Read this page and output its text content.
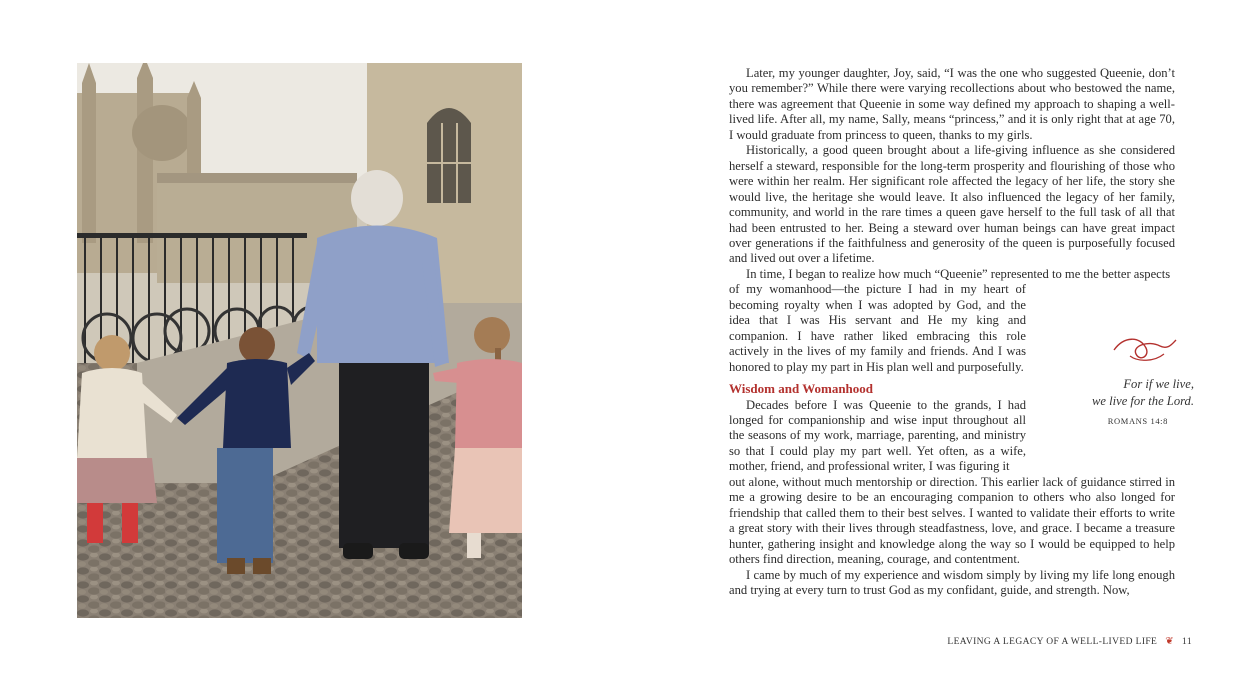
Later, my younger daughter, Joy, said, “I was the one who suggested Queenie, don’t you remember?” While there were varying recollections about who bestowed the name, there was agreement that Queenie in some way defined my approach to shaping a well-lived life. After all, my name, Sally, means “princess,” and it is only right that at age 70, I would graduate from princess to queen, thanks to my girls.

Historically, a good queen brought about a life-giving influence as she considered herself a steward, responsible for the long-term prosperity and flourishing of those who were within her realm. Her significant role affected the legacy of her life, the story she would live, the heritage she would leave. It also influenced the legacy of her family, community, and world in the rare times a queen gave herself to the full task of all that had been entrusted to her. Being a steward over human beings can have great impact over generations if the faithfulness and generosity of the queen is purposefully focused and lived out over a lifetime.

In time, I began to realize how much “Queenie” represented to me the better aspects

of my womanhood—the picture I had in my heart of becoming royalty when I was adopted by God, and the idea that I was His servant and He my king and companion. I have rather liked embracing this role actively in the lives of my family and friends. And I was honored to play my part in His plan well and purposefully.

Wisdom and Womanhood

Decades before I was Queenie to the grands, I had longed for companionship and wise input throughout all the seasons of my work, marriage, parenting, and ministry so that I could play my part well. Yet often, as a wife, mother, friend, and professional writer, I was figuring it

out alone, without much mentorship or direction. This earlier lack of guidance stirred in me a growing desire to be an encouraging companion to others who also longed for friendship that called them to their best selves. I wanted to validate their efforts to write a great story with their lives through steadfastness, love, and grace. I became a treasure hunter, gathering insight and knowledge along the way so I would be equipped to help others find direction, meaning, courage, and contentment.

I came by much of my experience and wisdom simply by living my life long enough and trying at every turn to trust God as my confidant, guide, and strength. Now,

For if we live,
we live for the Lord.
ROMANS 14:8
LEAVING A LEGACY OF A WELL-LIVED LIFE ❦ 11
